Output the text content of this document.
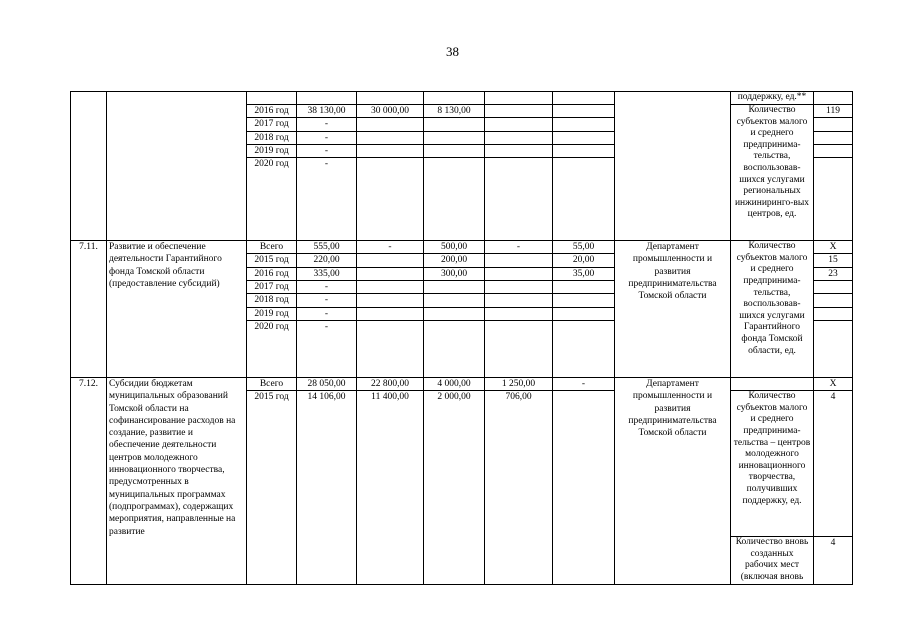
38
									поддержку, ед.**	
		2016 год	38 130,00	30 000,00	8 130,00				Количество субъектов малого и среднего предпринима-тельства, воспользовав-шихся услугами региональных инжиниринго-вых центров, ед.	119
		2017 год	-							
		2018 год	-							
		2019 год	-							
		2020 год	-							
7.11.	Развитие и обеспечение деятельности Гарантийного фонда Томской области (предоставление субсидий)	Всего	555,00	-	500,00	-	55,00	Департамент промышленности и развития предпринимательства Томской области	Количество субъектов малого и среднего предпринима-тельства, воспользовав-шихся услугами Гарантийного фонда Томской области, ед.	Х
		2015 год	220,00		200,00		20,00			15
		2016 год	335,00		300,00		35,00			23
		2017 год	-							
		2018 год	-							
		2019 год	-							
		2020 год	-							
7.12.	Субсидии бюджетам муниципальных образований Томской области на софинансирование расходов на создание, развитие и обеспечение деятельности центров молодежного инновационного творчества, предусмотренных в муниципальных программах (подпрограммах), содержащих мероприятия, направленные на развитие	Всего	28 050,00	22 800,00	4 000,00	1 250,00	-	Департамент промышленности и развития предпринимательства Томской области		Х
		2015 год	14 106,00	11 400,00	2 000,00	706,00			Количество субъектов малого и среднего предпринима-тельства – центров молодежного инновационного творчества, получивших поддержку, ед.	4
									Количество вновь созданных рабочих мест (включая вновь	4
